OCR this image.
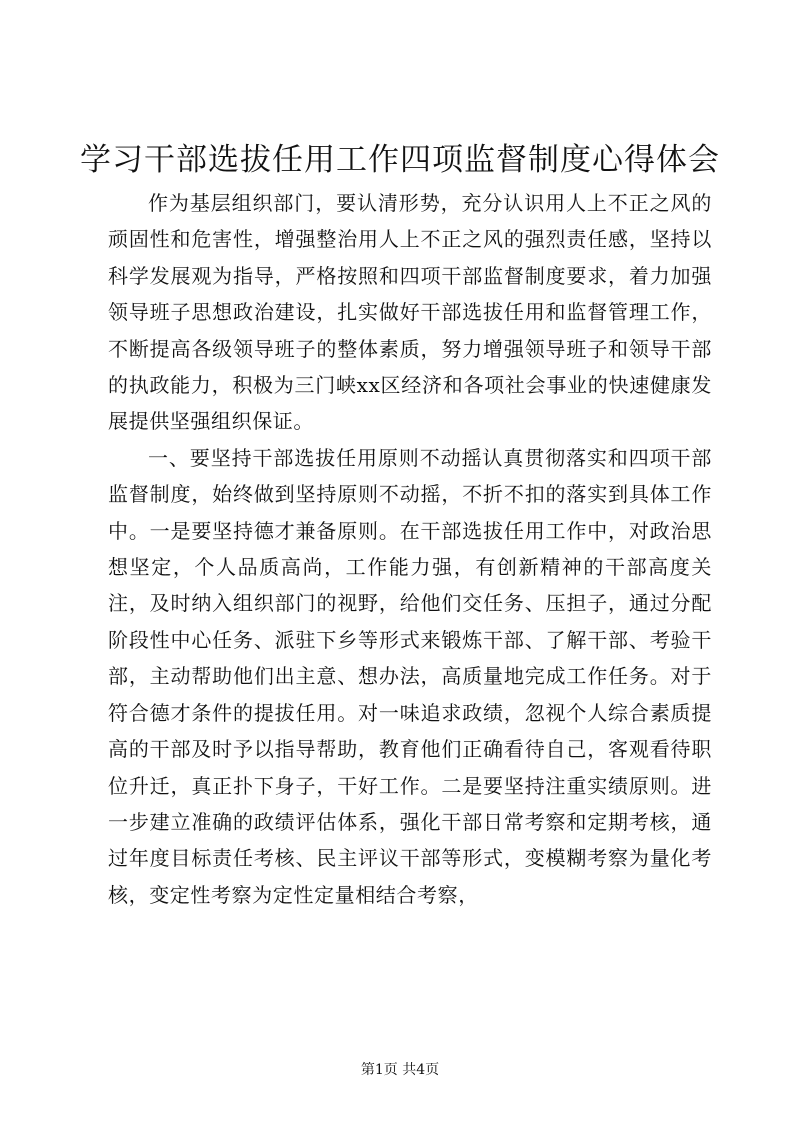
学习干部选拔任用工作四项监督制度心得体会

作为基层组织部门，要认清形势，充分认识用人上不正之风的顽固性和危害性，增强整治用人上不正之风的强烈责任感，坚持以科学发展观为指导，严格按照和四项干部监督制度要求，着力加强领导班子思想政治建设，扎实做好干部选拔任用和监督管理工作，不断提高各级领导班子的整体素质，努力增强领导班子和领导干部的执政能力，积极为三门峡xx区经济和各项社会事业的快速健康发展提供坚强组织保证。

一、要坚持干部选拔任用原则不动摇认真贯彻落实和四项干部监督制度，始终做到坚持原则不动摇，不折不扣的落实到具体工作中。一是要坚持德才兼备原则。在干部选拔任用工作中，对政治思想坚定，个人品质高尚，工作能力强，有创新精神的干部高度关注，及时纳入组织部门的视野，给他们交任务、压担子，通过分配阶段性中心任务、派驻下乡等形式来锻炼干部、了解干部、考验干部，主动帮助他们出主意、想办法，高质量地完成工作任务。对于符合德才条件的提拔任用。对一味追求政绩，忽视个人综合素质提高的干部及时予以指导帮助，教育他们正确看待自己，客观看待职位升迁，真正扑下身子，干好工作。二是要坚持注重实绩原则。进一步建立准确的政绩评估体系，强化干部日常考察和定期考核，通过年度目标责任考核、民主评议干部等形式，变模糊考察为量化考核，变定性考察为定性定量相结合考察，

第1页 共4页
